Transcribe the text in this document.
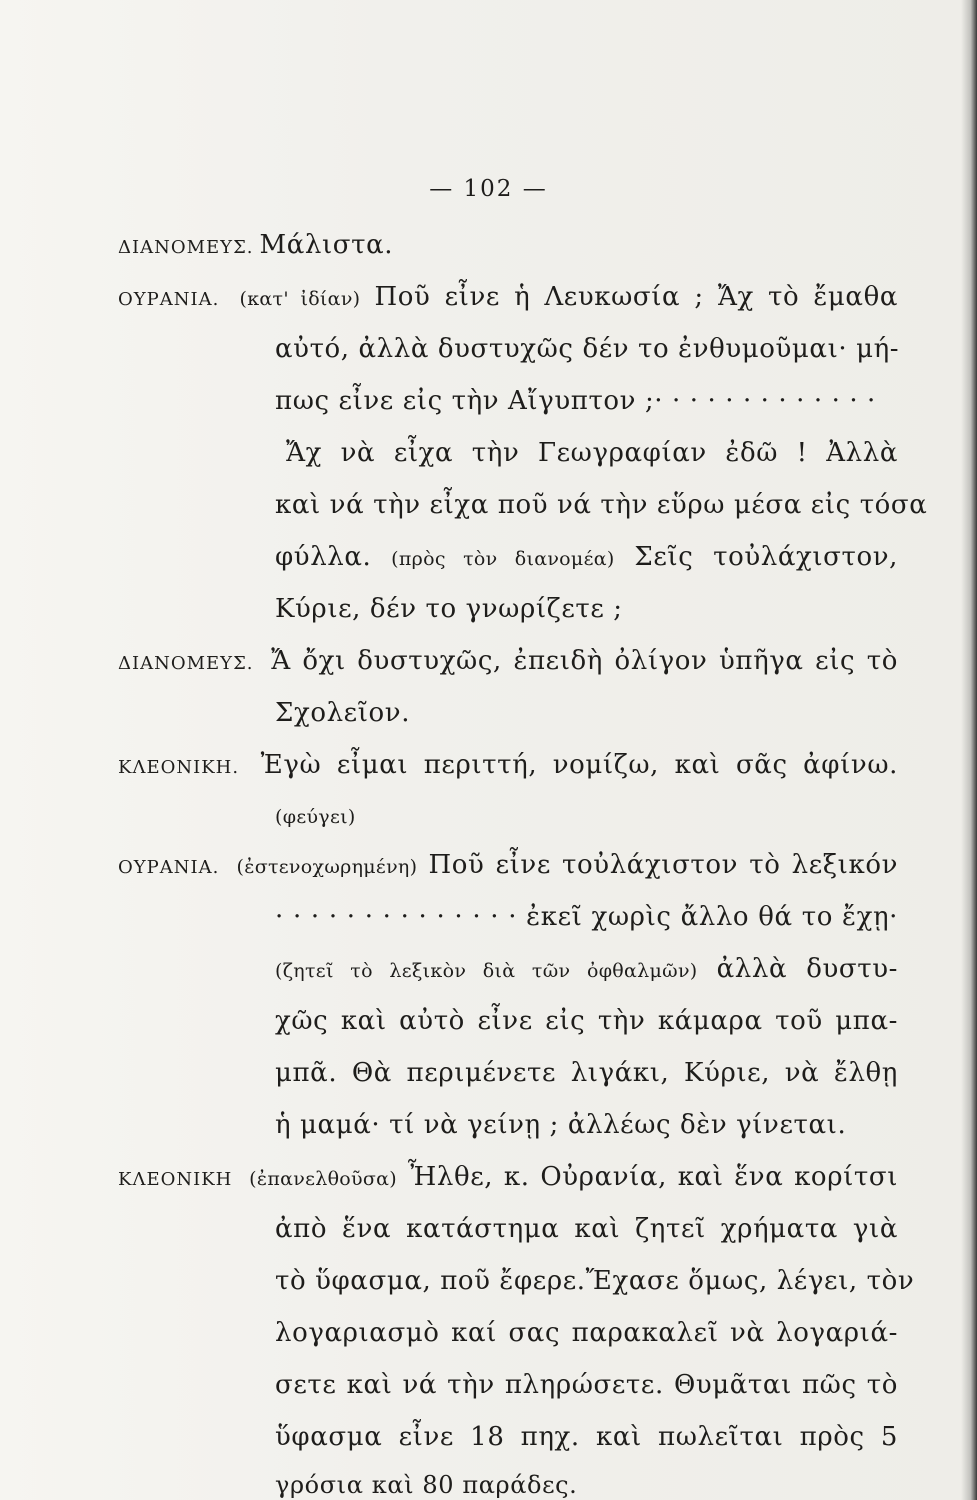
— 102 —
ΔΙΑΝΟΜΕΥΣ. Μάλιστα.
ΟΥΡΑΝΙΑ. (κατ' ἰδίαν) Ποῦ εἶνε ἡ Λευκωσία ; Ἄχ τὸ ἔμαθα
αὐτό, ἀλλὰ δυστυχῶς δέν το ἐνθυμοῦμαι· μή-
πως εἶνε εἰς τὴν Αἴγυπτον ;· · · · · · · · · · · · ·
Ἄχ νὰ εἶχα τὴν Γεωγραφίαν ἐδῶ ! Ἀλλὰ
καὶ νά τὴν εἶχα ποῦ νά τὴν εὕρω μέσα εἰς τόσα
φύλλα. (πρὸς τὸν διανομέα) Σεῖς τοὐλάχιστον,
Κύριε, δέν το γνωρίζετε ;
ΔΙΑΝΟΜΕΥΣ. Ἄ ὄχι δυστυχῶς, ἐπειδὴ ὀλίγον ὑπῆγα εἰς τὸ
Σχολεῖον.
ΚΛΕΟΝΙΚΗ. Ἐγὼ εἶμαι περιττή, νομίζω, καὶ σᾶς ἀφίνω.
(φεύγει)
ΟΥΡΑΝΙΑ. (ἐστενοχωρημένη) Ποῦ εἶνε τοὐλάχιστον τὸ λεξικόν
· · · · · · · · · · · · · · ἐκεῖ χωρὶς ἄλλο θά το ἔχῃ·
(ζητεῖ τὸ λεξικὸν διὰ τῶν ὀφθαλμῶν) ἀλλὰ δυστυ-
χῶς καὶ αὐτὸ εἶνε εἰς τὴν κάμαρα τοῦ μπα-
μπᾶ. Θὰ περιμένετε λιγάκι, Κύριε, νὰ ἔλθῃ
ἡ μαμά· τί νὰ γείνῃ ; ἀλλέως δὲν γίνεται.
ΚΛΕΟΝΙΚΗ (ἐπανελθοῦσα) Ἦλθε, κ. Οὐρανία, καὶ ἕνα κορίτσι
ἀπὸ ἕνα κατάστημα καὶ ζητεῖ χρήματα γιὰ
τὸ ὕφασμα, ποῦ ἔφερε.Ἔχασε ὅμως, λέγει, τὸν
λογαριασμὸ καί σας παρακαλεῖ νὰ λογαριά-
σετε καὶ νά τὴν πληρώσετε. Θυμᾶται πῶς τὸ
ὕφασμα εἶνε 18 πηχ. καὶ πωλεῖται πρὸς 5
γρόσια καὶ 80 παράδες.
